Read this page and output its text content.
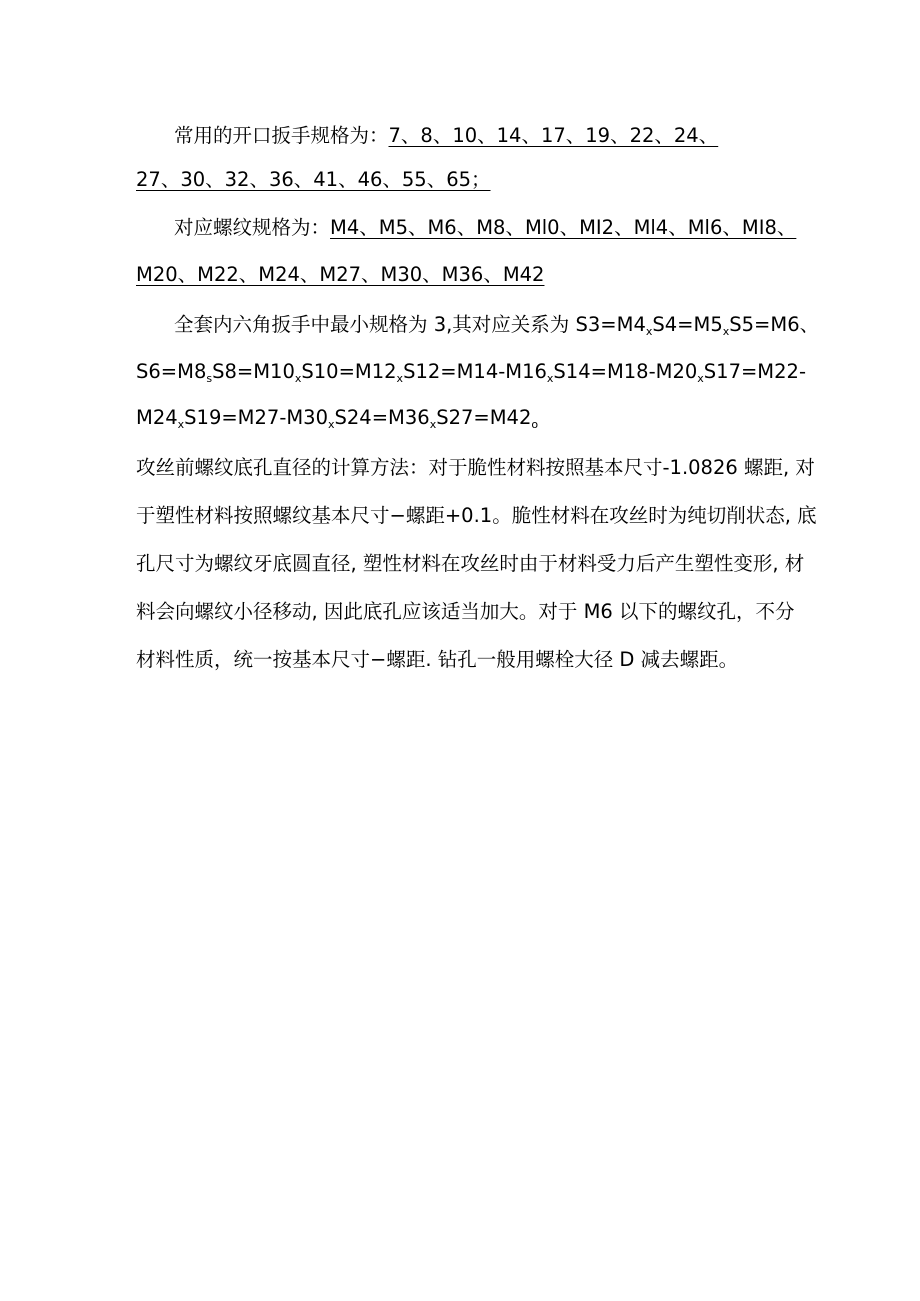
常用的开口扳手规格为：7、8、10、14、17、19、22、24、
27、30、32、36、41、46、55、65；
对应螺纹规格为：M4、M5、M6、M8、Ml0、MI2、Ml4、Ml6、MI8、
M20、M22、M24、M27、M30、M36、M42
全套内六角扳手中最小规格为 3,其对应关系为 $S3=M4_xS4=M5_xS5=M6$、
$S6=M8_sS8=M10_xS10=M12_xS12=M14-M16_xS14=M18-M20_xS17=M22-$
$M24_xS19=M27-M30_xS24=M36_xS27=M42_o$
攻丝前螺纹底孔直径的计算方法：对于脆性材料按照基本尺寸-1.0826 螺距, 对
于塑性材料按照螺纹基本尺寸−螺距+0.1。脆性材料在攻丝时为纯切削状态, 底
孔尺寸为螺纹牙底圆直径, 塑性材料在攻丝时由于材料受力后产生塑性变形, 材
料会向螺纹小径移动, 因此底孔应该适当加大。对于 M6 以下的螺纹孔，不分
材料性质，统一按基本尺寸−螺距. 钻孔一般用螺栓大径 D 减去螺距。
